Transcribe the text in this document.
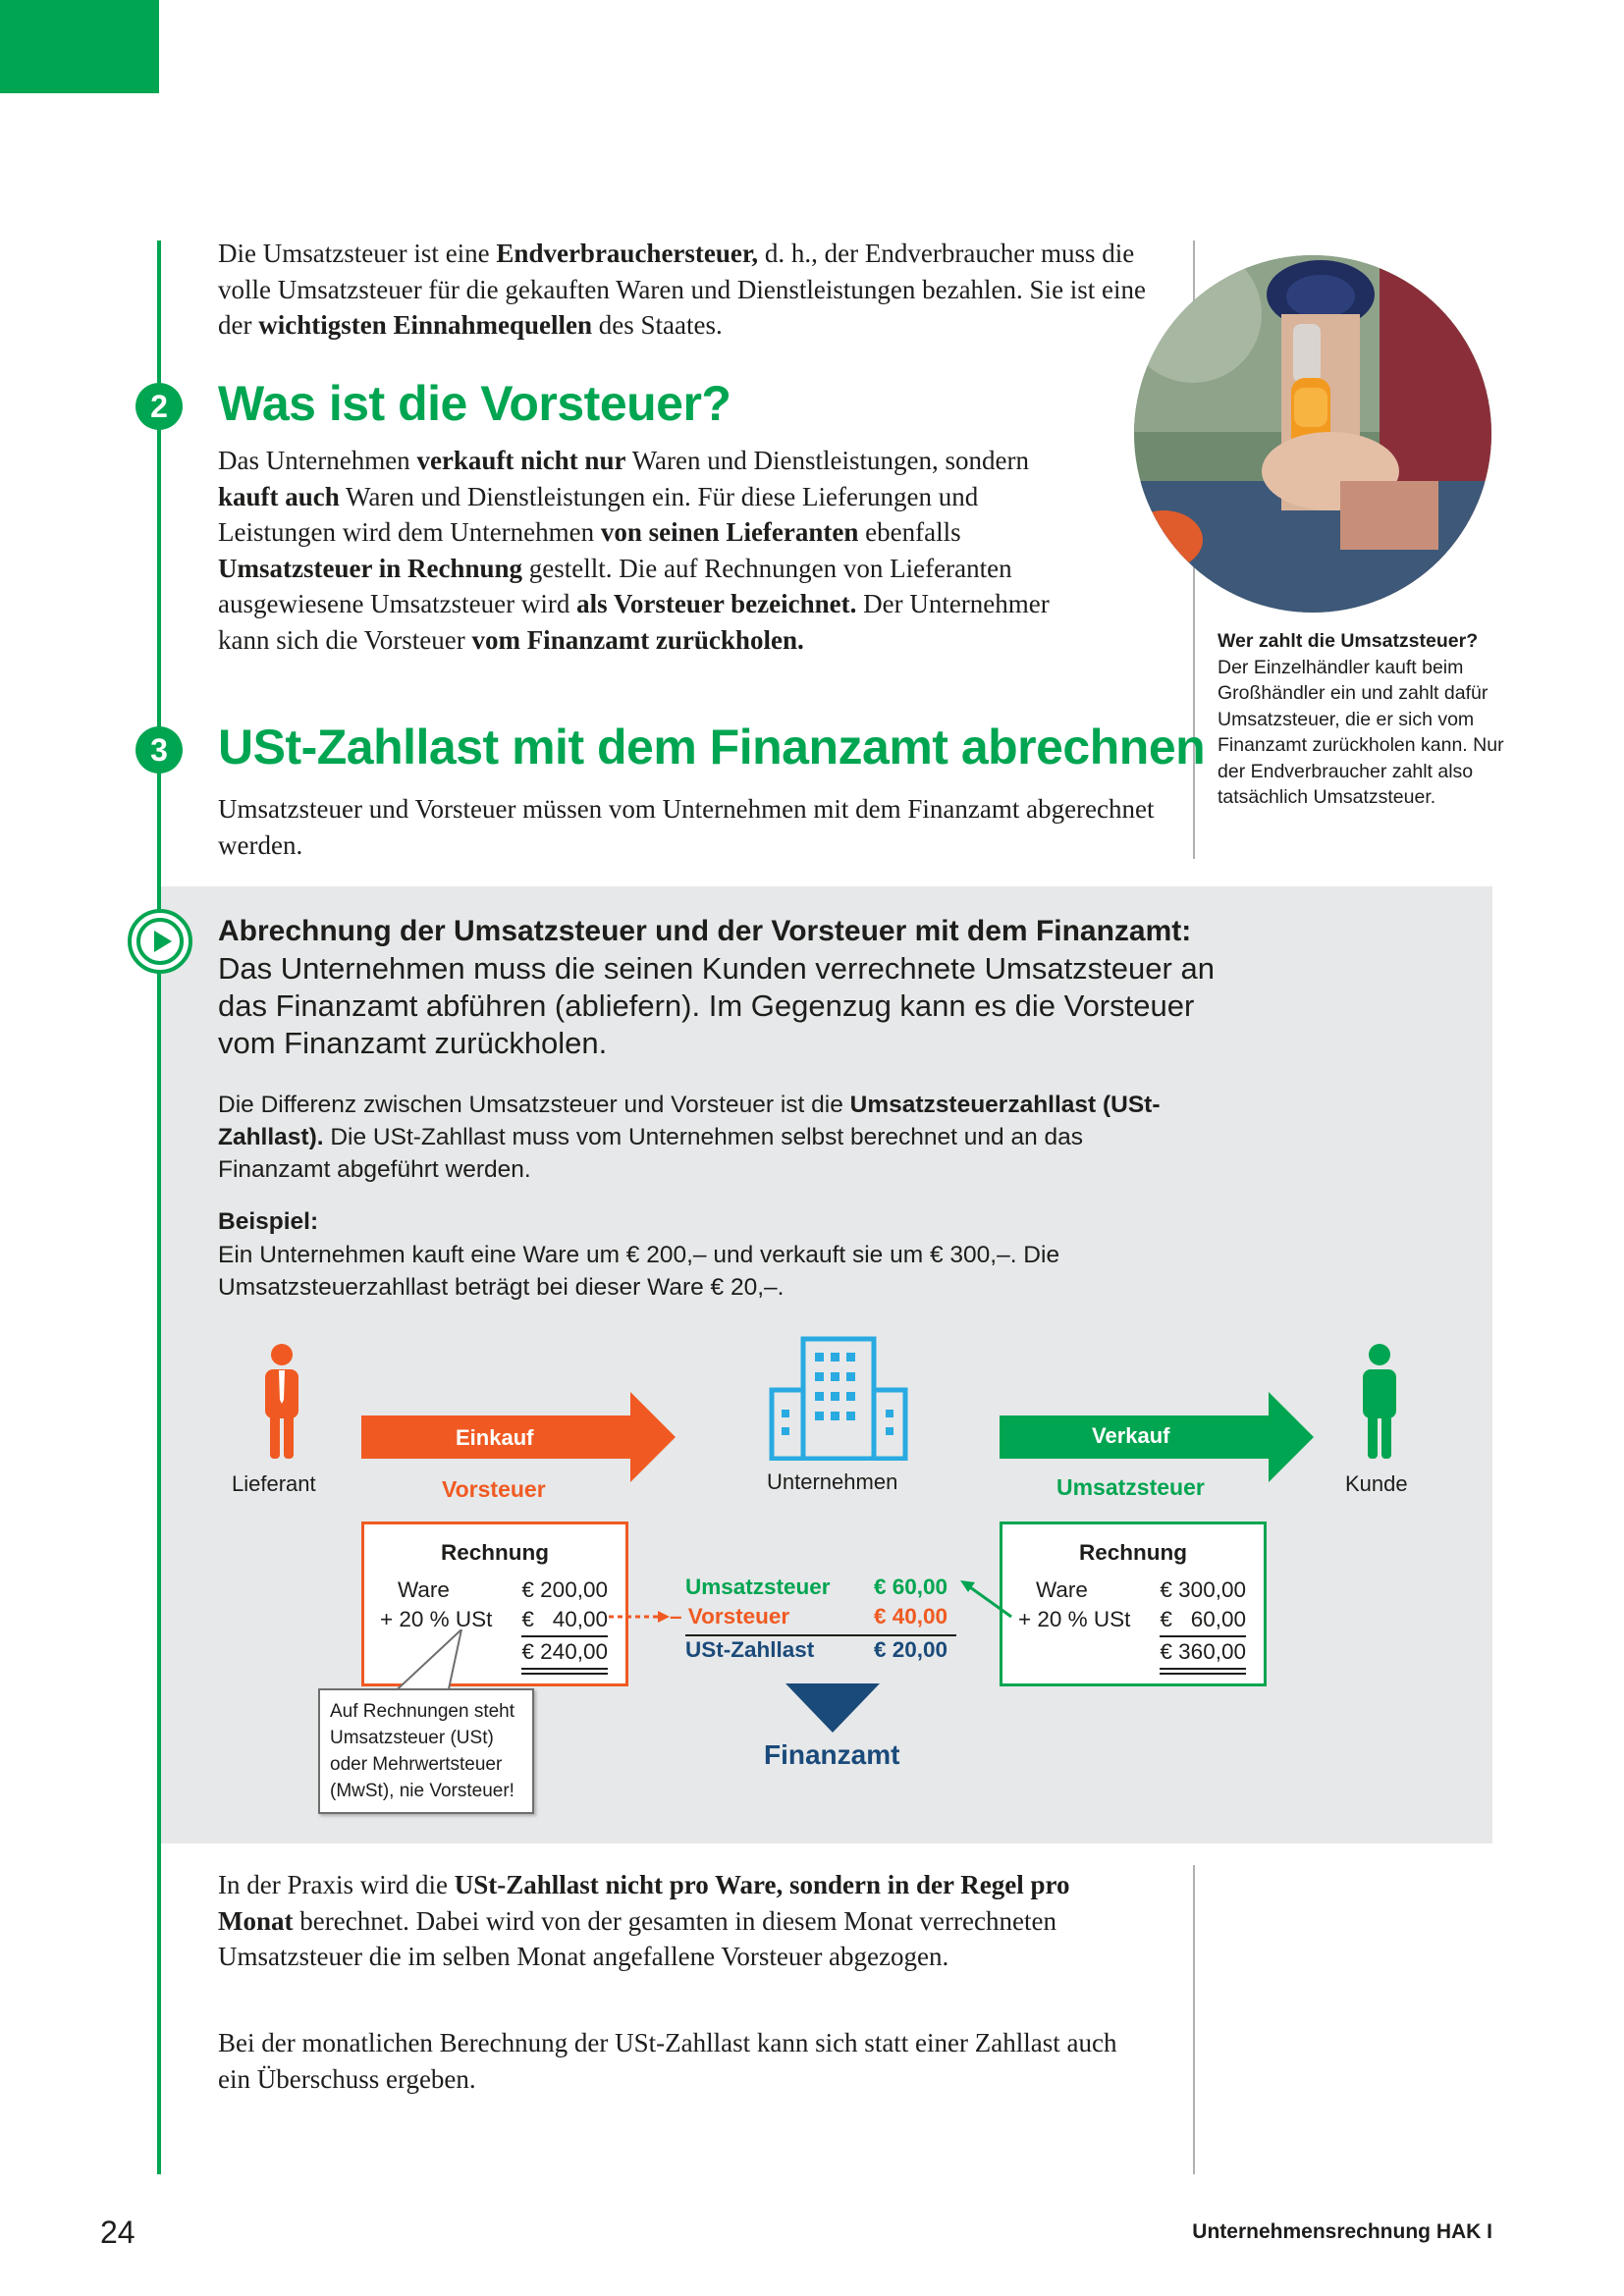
Die Umsatzsteuer ist eine Endverbrauchersteuer, d. h., der Endverbraucher muss die volle Umsatzsteuer für die gekauften Waren und Dienstleistungen bezahlen. Sie ist eine der wichtigsten Einnahmequellen des Staates.
2	Was ist die Vorsteuer?
Das Unternehmen verkauft nicht nur Waren und Dienstleistungen, sondern kauft auch Waren und Dienstleistungen ein. Für diese Lieferungen und Leistungen wird dem Unternehmen von seinen Lieferanten ebenfalls Umsatzsteuer in Rechnung gestellt. Die auf Rechnungen von Lieferanten ausgewiesene Umsatzsteuer wird als Vorsteuer bezeichnet. Der Unternehmer kann sich die Vorsteuer vom Finanzamt zurückholen.
3	USt-Zahllast mit dem Finanzamt abrechnen
Umsatzsteuer und Vorsteuer müssen vom Unternehmen mit dem Finanzamt abgerechnet werden.
Wer zahlt die Umsatzsteuer?
Der Einzelhändler kauft beim Großhändler ein und zahlt dafür Umsatzsteuer, die er sich vom Finanzamt zurückholen kann. Nur der Endverbraucher zahlt also tatsächlich Umsatzsteuer.
Abrechnung der Umsatzsteuer und der Vorsteuer mit dem Finanzamt:
Das Unternehmen muss die seinen Kunden verrechnete Umsatzsteuer an das Finanzamt abführen (abliefern). Im Gegenzug kann es die Vorsteuer vom Finanzamt zurückholen.
Die Differenz zwischen Umsatzsteuer und Vorsteuer ist die Umsatzsteuerzahllast (USt-Zahllast). Die USt-Zahllast muss vom Unternehmen selbst berechnet und an das Finanzamt abgeführt werden.
Beispiel:
Ein Unternehmen kauft eine Ware um € 200,– und verkauft sie um € 300,–. Die Umsatzsteuerzahllast beträgt bei dieser Ware € 20,–.
Lieferant
Einkauf
Vorsteuer	Unternehmen
Verkauf
Umsatzsteuer	Kunde
Rechnung
Ware	€ 200,00
+ 20 % USt €   40,00
€ 240,00
Rechnung
Ware	€ 300,00
+ 20 % USt €   60,00
€ 360,00
Umsatzsteuer € 60,00
– Vorsteuer	€ 40,00
USt-Zahllast	€ 20,00
Finanzamt
Auf Rechnungen steht Umsatzsteuer (USt) oder Mehrwertsteuer (MwSt), nie Vorsteuer!
In der Praxis wird die USt-Zahllast nicht pro Ware, sondern in der Regel pro Monat berechnet. Dabei wird von der gesamten in diesem Monat verrechneten Umsatzsteuer die im selben Monat angefallene Vorsteuer abgezogen.
Bei der monatlichen Berechnung der USt-Zahllast kann sich statt einer Zahllast auch ein Überschuss ergeben.
24	Unternehmensrechnung HAK I
